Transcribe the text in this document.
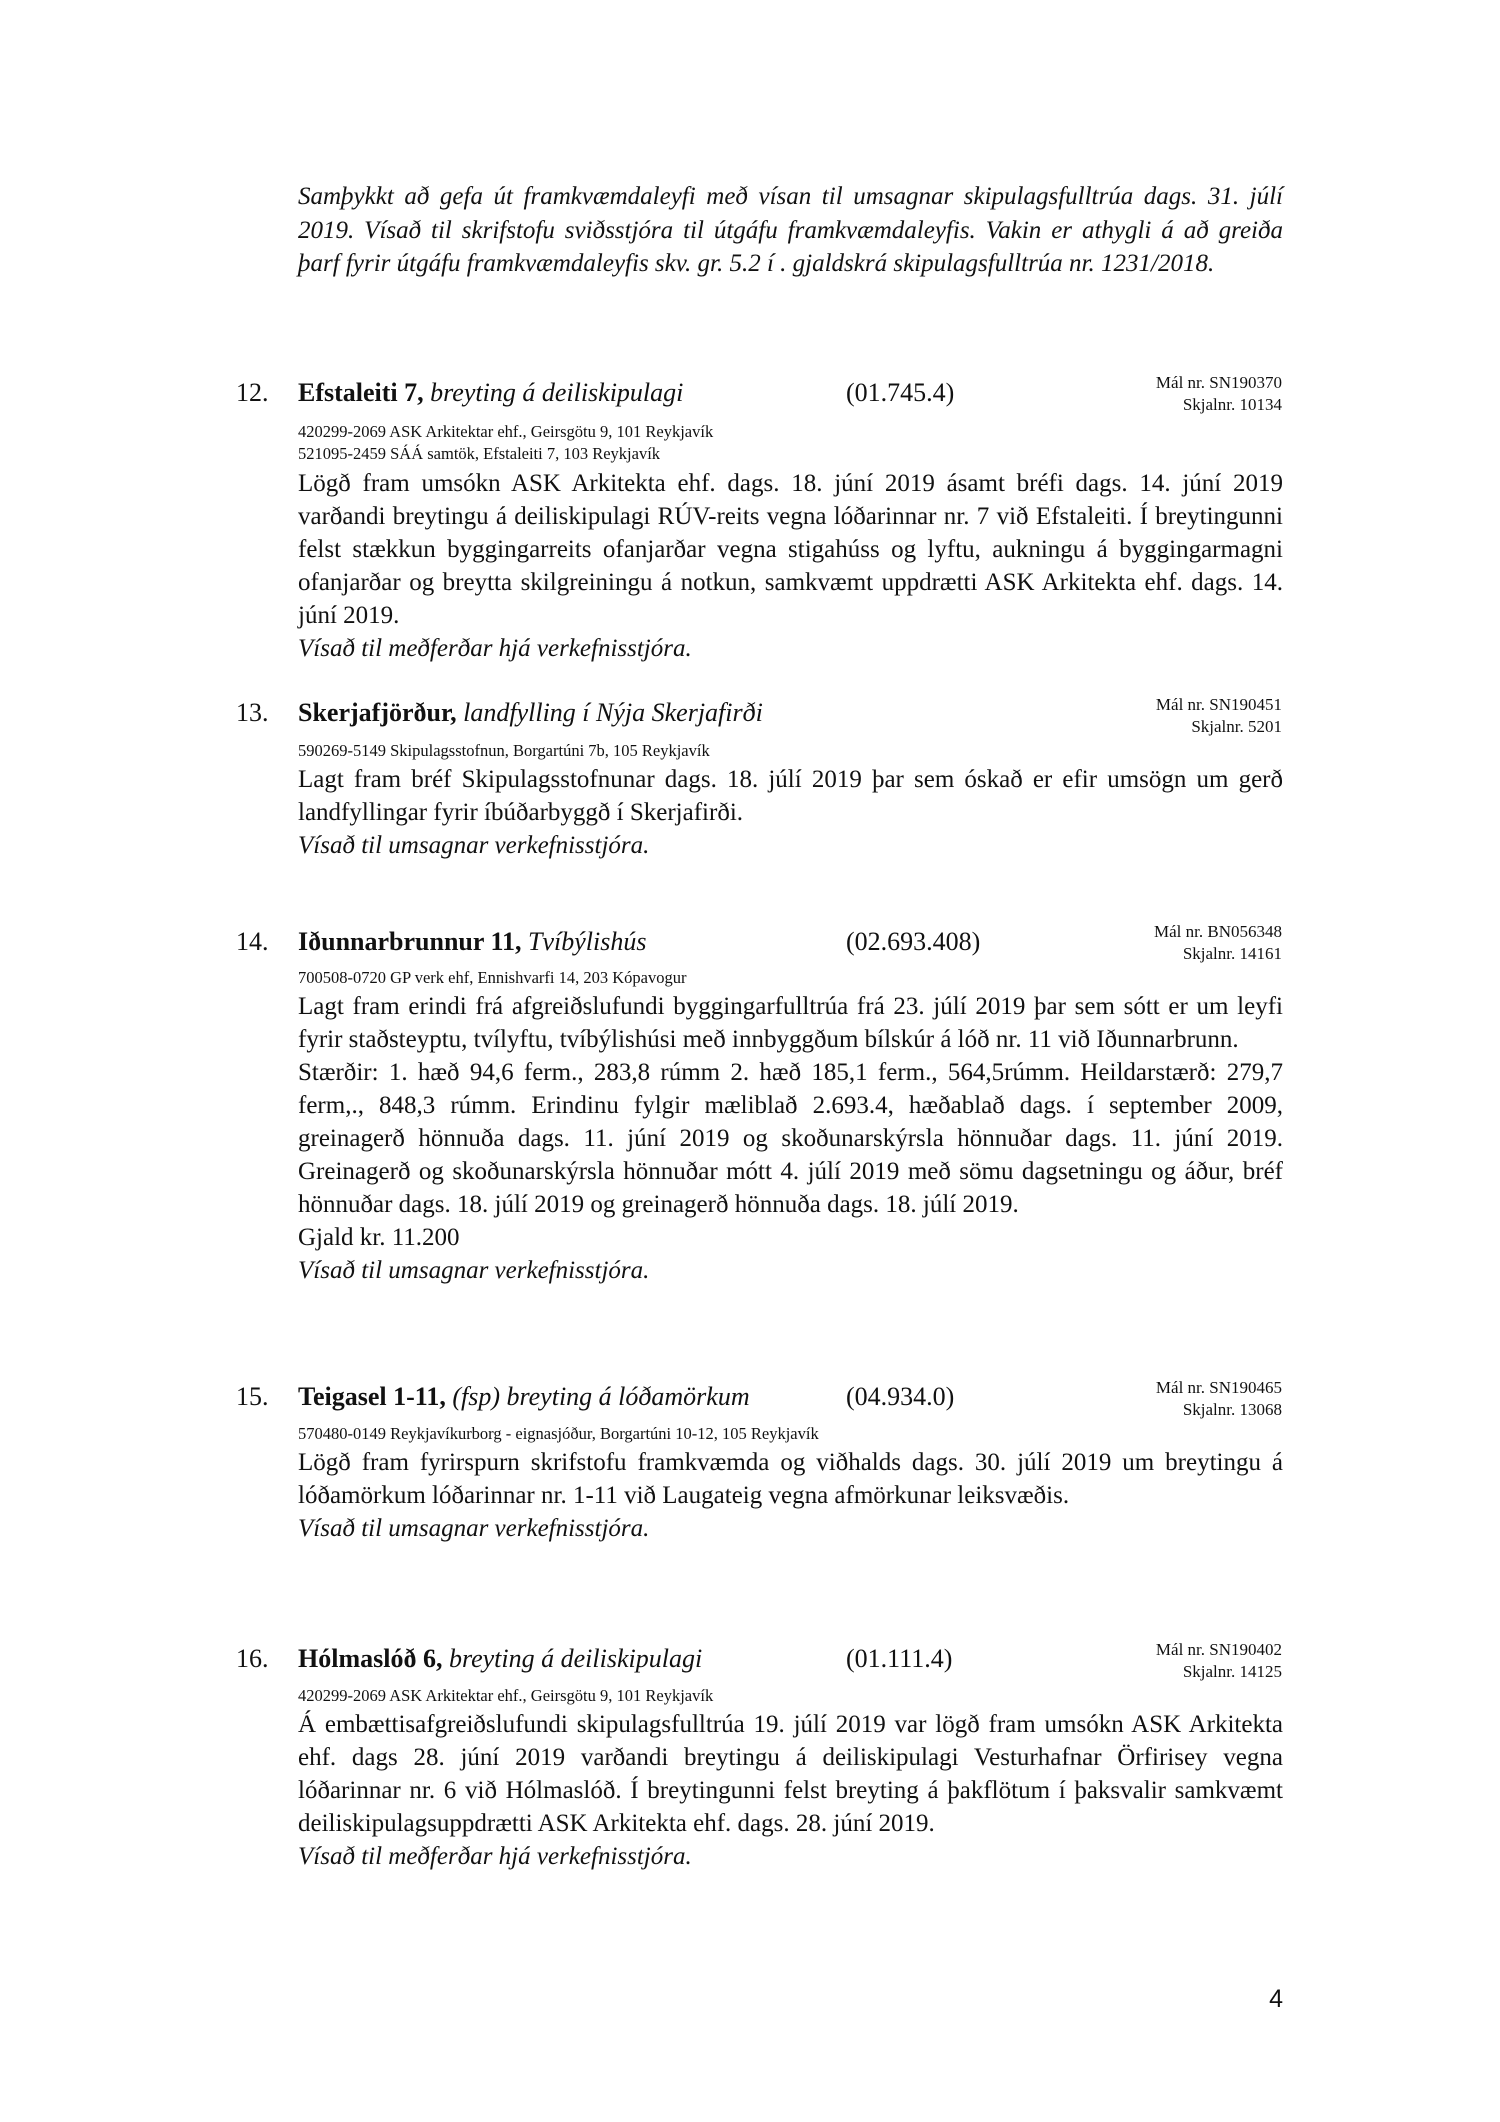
Samþykkt að gefa út framkvæmdaleyfi með vísan til umsagnar skipulagsfulltrúa dags. 31. júlí 2019. Vísað til skrifstofu sviðsstjóra til útgáfu framkvæmdaleyfis. Vakin er athygli á að greiða þarf fyrir útgáfu framkvæmdaleyfis skv. gr. 5.2 í . gjaldskrá skipulagsfulltrúa nr. 1231/2018.

12. Efstaleiti 7, breyting á deiliskipulagi	(01.745.4)	Mál nr. SN190370
Skjalnr. 10134
420299-2069 ASK Arkitektar ehf., Geirsgötu 9, 101 Reykjavík
521095-2459 SÁÁ samtök, Efstaleiti 7, 103 Reykjavík

Lögð fram umsókn ASK Arkitekta ehf. dags. 18. júní 2019 ásamt bréfi dags. 14. júní 2019 varðandi breytingu á deiliskipulagi RÚV-reits vegna lóðarinnar nr. 7 við Efstaleiti. Í breytingunni felst stækkun byggingarreits ofanjarðar vegna stigahúss og lyftu, aukningu á byggingarmagni ofanjarðar og breytta skilgreiningu á notkun, samkvæmt uppdrætti ASK Arkitekta ehf. dags. 14. júní 2019.

Vísað til meðferðar hjá verkefnisstjóra.

13. Skerjafjörður, landfylling í Nýja Skerjafirði	Mál nr. SN190451
Skjalnr. 5201
590269-5149 Skipulagsstofnun, Borgartúni 7b, 105 Reykjavík

Lagt fram bréf Skipulagsstofnunar dags. 18. júlí 2019 þar sem óskað er efir umsögn um gerð landfyllingar fyrir íbúðarbyggð í Skerjafirði.

Vísað til umsagnar verkefnisstjóra.

14. Iðunnarbrunnur 11, Tvíbýlishús	(02.693.408)	Mál nr. BN056348
Skjalnr. 14161
700508-0720 GP verk ehf, Ennishvarfi 14, 203 Kópavogur

Lagt fram erindi frá afgreiðslufundi byggingarfulltrúa frá 23. júlí 2019 þar sem sótt er um leyfi fyrir staðsteyptu, tvílyftu, tvíbýlishúsi með innbyggðum bílskúr á lóð nr. 11 við Iðunnarbrunn.

Stærðir: 1. hæð 94,6 ferm., 283,8 rúmm 2. hæð 185,1 ferm., 564,5rúmm. Heildarstærð: 279,7 ferm,., 848,3 rúmm. Erindinu fylgir mæliblað 2.693.4, hæðablað dags. í september 2009, greinagerð hönnuða dags. 11. júní 2019 og skoðunarskýrsla hönnuðar dags. 11. júní 2019. Greinagerð og skoðunarskýrsla hönnuðar mótt 4. júlí 2019 með sömu dagsetningu og áður, bréf hönnuðar dags. 18. júlí 2019 og greinagerð hönnuða dags. 18. júlí 2019.

Gjald kr. 11.200

Vísað til umsagnar verkefnisstjóra.

15. Teigasel 1-11, (fsp) breyting á lóðamörkum	(04.934.0)	Mál nr. SN190465
Skjalnr. 13068
570480-0149 Reykjavíkurborg - eignasjóður, Borgartúni 10-12, 105 Reykjavík

Lögð fram fyrirspurn skrifstofu framkvæmda og viðhalds dags. 30. júlí 2019 um breytingu á lóðamörkum lóðarinnar nr. 1-11 við Laugateig vegna afmörkunar leiksvæðis.

Vísað til umsagnar verkefnisstjóra.

16. Hólmaslóð 6, breyting á deiliskipulagi	(01.111.4)	Mál nr. SN190402
Skjalnr. 14125
420299-2069 ASK Arkitektar ehf., Geirsgötu 9, 101 Reykjavík

Á embættisafgreiðslufundi skipulagsfulltrúa 19. júlí 2019 var lögð fram umsókn ASK Arkitekta ehf. dags 28. júní 2019 varðandi breytingu á deiliskipulagi Vesturhafnar Örfirisey vegna lóðarinnar nr. 6 við Hólmaslóð. Í breytingunni felst breyting á þakflötum í þaksvalir samkvæmt deiliskipulagsuppdrætti ASK Arkitekta ehf. dags. 28. júní 2019.

Vísað til meðferðar hjá verkefnisstjóra.

4
